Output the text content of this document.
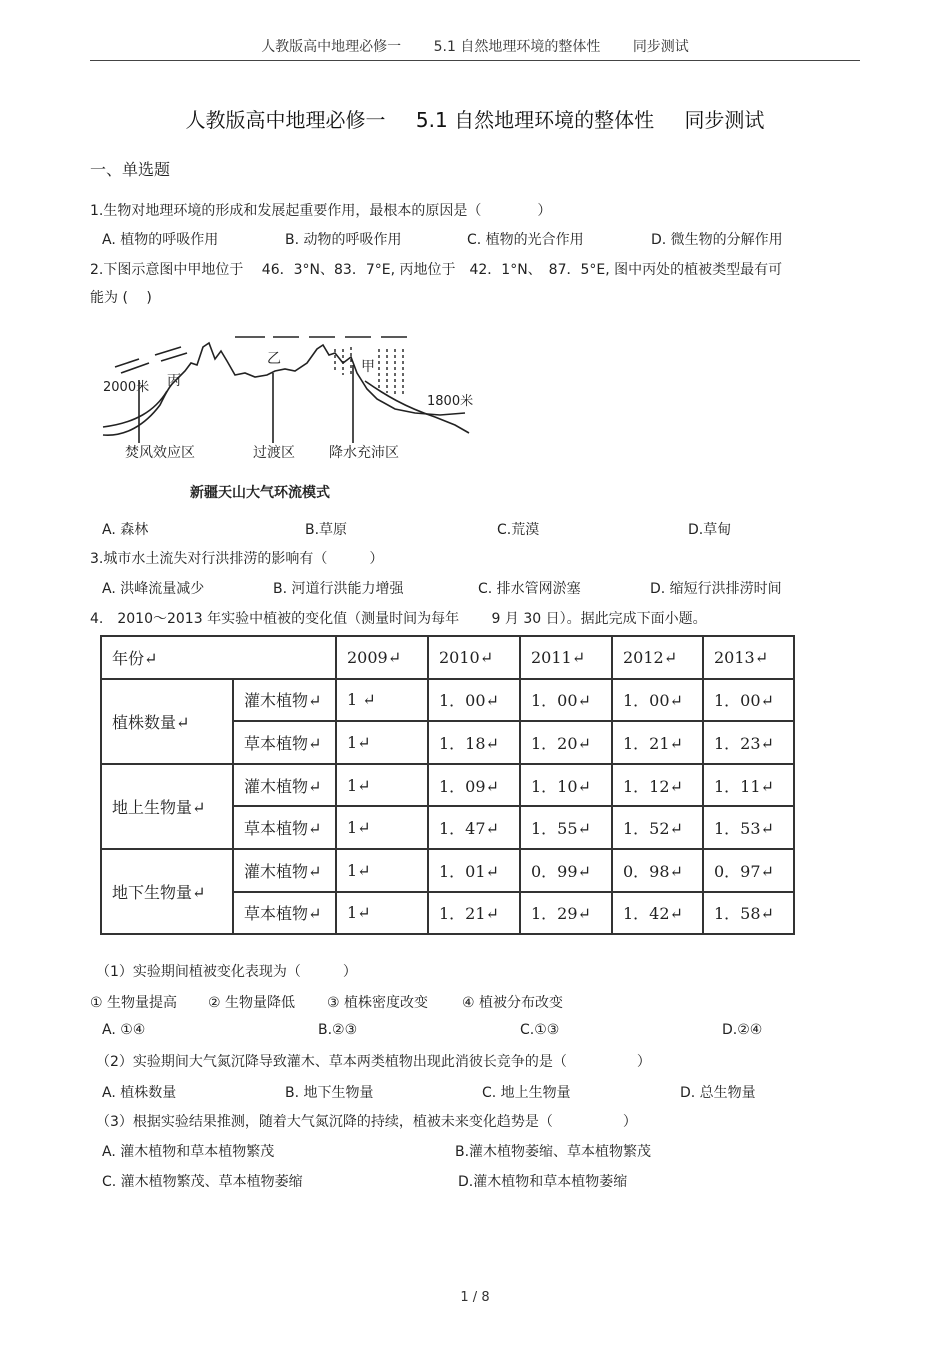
人教版高中地理必修一 5.1 自然地理环境的整体性 同步测试
人教版高中地理必修一 5.1 自然地理环境的整体性 同步测试
一、单选题
1.生物对地理环境的形成和发展起重要作用，最根本的原因是（　　　　）
A. 植物的呼吸作用	B. 动物的呼吸作用	C. 植物的光合作用	D. 微生物的分解作用
2.下图示意图中甲地位于　 46．3°N、83．7°E, 丙地位于　42．1°N、　87．5°E, 图中丙处的植被类型最有可
能为 (　 )
2000米 丙
乙	甲
1800米
焚风效应区	过渡区 降水充沛区
新疆天山大气环流模式
A. 森林	B.草原	C.荒漠	D.草甸
3.城市水土流失对行洪排涝的影响有（　　　）
A. 洪峰流量减少	B. 河道行洪能力增强	C. 排水管网淤塞	D. 缩短行洪排涝时间
4.　2010～2013 年实验中植被的变化值（测量时间为每年　　 9 月 30 日）。据此完成下面小题。
年份↵		2009↵	2010↵	2011↵	2012↵	2013↵
植株数量↵	灌木植物↵	1 ↵	1．00↵	1．00↵	1．00↵	1．00↵
	草本植物↵	1↵	1．18↵	1．20↵	1．21↵	1．23↵
地上生物量↵	灌木植物↵	1↵	1．09↵	1．10↵	1．12↵	1．11↵
	草本植物↵	1↵	1．47↵	1．55↵	1．52↵	1．53↵
地下生物量↵	灌木植物↵	1↵	1．01↵	0．99↵	0．98↵	0．97↵
	草本植物↵	1↵	1．21↵	1．29↵	1．42↵	1．58↵
（1）实验期间植被变化表现为（　　　）
① 生物量提高 ② 生物量降低 ③ 植株密度改变 ④ 植被分布改变
A. ①④	B.②③	C.①③	D.②④
（2）实验期间大气氮沉降导致灌木、草本两类植物出现此消彼长竞争的是（　　　　　）
A. 植株数量	B. 地下生物量	C. 地上生物量	D. 总生物量
（3）根据实验结果推测，随着大气氮沉降的持续，植被未来变化趋势是（　　　　　）
A. 灌木植物和草本植物繁茂	B.灌木植物萎缩、草本植物繁茂
C. 灌木植物繁茂、草本植物萎缩	D.灌木植物和草本植物萎缩
1 / 8
